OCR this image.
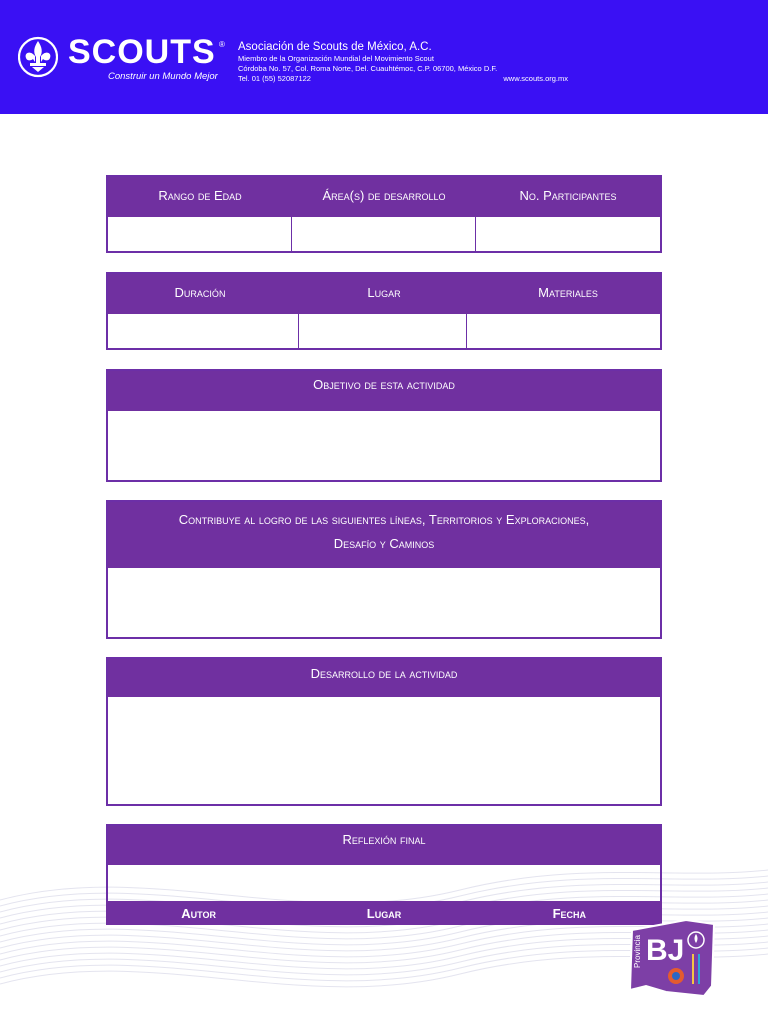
SCOUTS ®
Construir un Mundo Mejor
Asociación de Scouts de México, A.C.
Miembro de la Organización Mundial del Movimiento Scout
Córdoba No. 57, Col. Roma Norte, Del. Cuauhtémoc, C.P. 06700, México D.F.
Tel. 01 (55) 52087122	www.scouts.org.mx
Rango de Edad	Área(s) de desarrollo	No. Participantes
Duración	Lugar	Materiales
Objetivo de esta actividad
Contribuye al logro de las siguientes líneas, Territorios y Exploraciones,
Desafío y Caminos
Desarrollo de la actividad
Reflexión final
Autor	Lugar	Fecha
Provincia BJ
